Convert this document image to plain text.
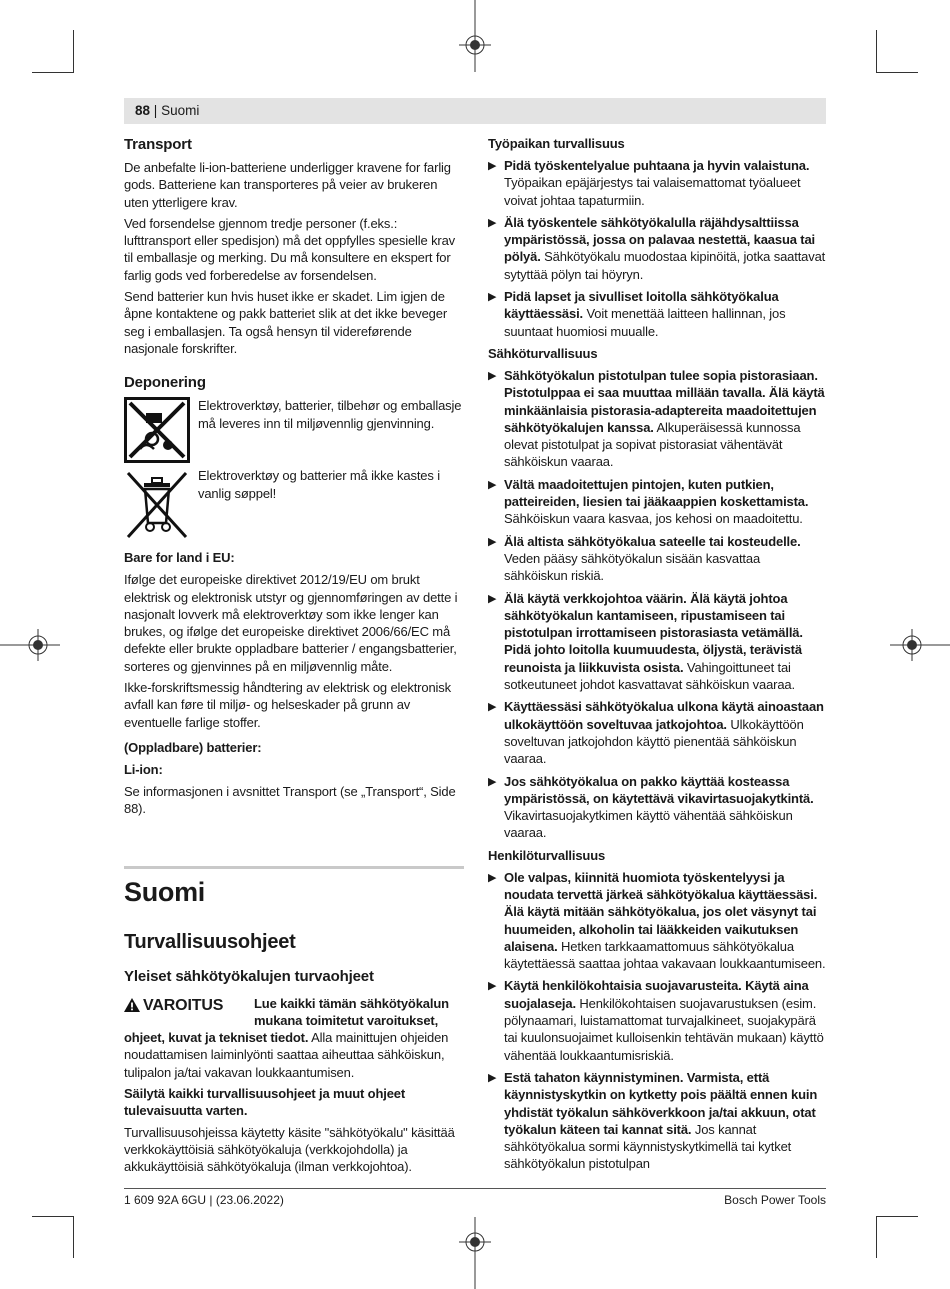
88 | Suomi
Transport

De anbefalte li-ion-batteriene underligger kravene for farlig gods. Batteriene kan transporteres på veier av brukeren uten ytterligere krav.

Ved forsendelse gjennom tredje personer (f.eks.: lufttransport eller spedisjon) må det oppfylles spesielle krav til emballasje og merking. Du må konsultere en ekspert for farlig gods ved forberedelse av forsendelsen.

Send batterier kun hvis huset ikke er skadet. Lim igjen de åpne kontaktene og pakk batteriet slik at det ikke beveger seg i emballasjen. Ta også hensyn til videreførende nasjonale forskrifter.

Deponering
Elektroverktøy, batterier, tilbehør og emballasje må leveres inn til miljøvennlig gjenvinning.
Elektroverktøy og batterier må ikke kastes i vanlig søppel!
Bare for land i EU:

Ifølge det europeiske direktivet 2012/19/EU om brukt elektrisk og elektronisk utstyr og gjennomføringen av dette i nasjonalt lovverk må elektroverktøy som ikke lenger kan brukes, og ifølge det europeiske direktivet 2006/66/EC må defekte eller brukte oppladbare batterier / engangsbatterier, sorteres og gjenvinnes på en miljøvennlig måte.

Ikke-forskriftsmessig håndtering av elektrisk og elektronisk avfall kan føre til miljø- og helseskader på grunn av eventuelle farlige stoffer.

(Oppladbare) batterier:
Li-ion:

Se informasjonen i avsnittet Transport (se „Transport“, Side 88).

Suomi
Turvallisuusohjeet
Yleiset sähkötyökalujen turvaohjeet
VAROITUS Lue kaikki tämän sähkötyökalun mukana toimitetut varoitukset, ohjeet, kuvat ja tekniset tiedot. Alla mainittujen ohjeiden noudattamisen laiminlyönti saattaa aiheuttaa sähköiskun, tulipalon ja/tai vakavan loukkaantumisen.

Säilytä kaikki turvallisuusohjeet ja muut ohjeet tulevaisuutta varten.

Turvallisuusohjeissa käytetty käsite "sähkötyökalu" käsittää verkkokäyttöisiä sähkötyökaluja (verkkojohdolla) ja akkukäyttöisiä sähkötyökaluja (ilman verkkojohtoa).

Työpaikan turvallisuus
▶ Pidä työskentelyalue puhtaana ja hyvin valaistuna. Työpaikan epäjärjestys tai valaisemattomat työalueet voivat johtaa tapaturmiin.
▶ Älä työskentele sähkötyökalulla räjähdysalttiissa ympäristössä, jossa on palavaa nestettä, kaasua tai pölyä. Sähkötyökalu muodostaa kipinöitä, jotka saattavat sytyttää pölyn tai höyryn.
▶ Pidä lapset ja sivulliset loitolla sähkötyökalua käyttäessäsi. Voit menettää laitteen hallinnan, jos suuntaat huomiosi muualle.
Sähköturvallisuus
▶ Sähkötyökalun pistotulpan tulee sopia pistorasiaan. Pistotulppaa ei saa muuttaa millään tavalla. Älä käytä minkäänlaisia pistorasia-adaptereita maadoitettujen sähkötyökalujen kanssa. Alkuperäisessä kunnossa olevat pistotulpat ja sopivat pistorasiat vähentävät sähköiskun vaaraa.
▶ Vältä maadoitettujen pintojen, kuten putkien, patteireiden, liesien tai jääkaappien koskettamista. Sähköiskun vaara kasvaa, jos kehosi on maadoitettu.
▶ Älä altista sähkötyökalua sateelle tai kosteudelle. Veden pääsy sähkötyökalun sisään kasvattaa sähköiskun riskiä.
▶ Älä käytä verkkojohtoa väärin. Älä käytä johtoa sähkötyökalun kantamiseen, ripustamiseen tai pistotulpan irrottamiseen pistorasiasta vetämällä. Pidä johto loitolla kuumuudesta, öljystä, terävistä reunoista ja liikkuvista osista. Vahingoittuneet tai sotkeutuneet johdot kasvattavat sähköiskun vaaraa.
▶ Käyttäessäsi sähkötyökalua ulkona käytä ainoastaan ulkokäyttöön soveltuvaa jatkojohtoa. Ulkokäyttöön soveltuvan jatkojohdon käyttö pienentää sähköiskun vaaraa.
▶ Jos sähkötyökalua on pakko käyttää kosteassa ympäristössä, on käytettävä vikavirtasuojakytkintä. Vikavirtasuojakytkimen käyttö vähentää sähköiskun vaaraa.
Henkilöturvallisuus
▶ Ole valpas, kiinnitä huomiota työskentelyysi ja noudata tervettä järkeä sähkötyökalua käyttäessäsi. Älä käytä mitään sähkötyökalua, jos olet väsynyt tai huumeiden, alkoholin tai lääkkeiden vaikutuksen alaisena. Hetken tarkkaamattomuus sähkötyökalua käytettäessä saattaa johtaa vakavaan loukkaantumiseen.
▶ Käytä henkilökohtaisia suojavarusteita. Käytä aina suojalaseja. Henkilökohtaisen suojavarustuksen (esim. pölynaamari, luistamattomat turvajalkineet, suojakypärä tai kuulonsuojaimet kulloisenkin tehtävän mukaan) käyttö vähentää loukkaantumisriskiä.
▶ Estä tahaton käynnistyminen. Varmista, että käynnistyskytkin on kytketty pois päältä ennen kuin yhdistät työkalun sähköverkkoon ja/tai akkuun, otat työkalun käteen tai kannat sitä. Jos kannat sähkötyökalua sormi käynnistyskytkimellä tai kytket sähkötyökalun pistotulpan
1 609 92A 6GU | (23.06.2022)	Bosch Power Tools
